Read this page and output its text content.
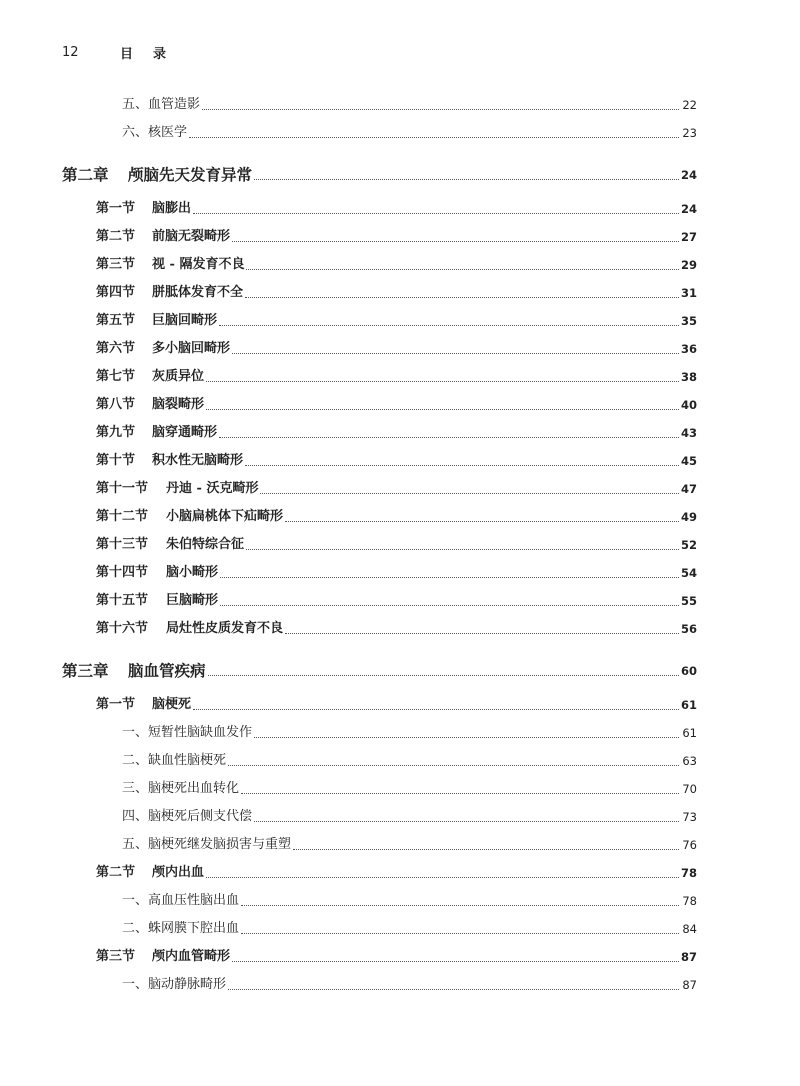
12	目录
五、 血管造影	22
六、 核医学	23
第二章	颅脑先天发育异常	24
第一节	脑膨出	24
第二节	前脑无裂畸形	27
第三节	视 - 隔发育不良	29
第四节	胼胝体发育不全	31
第五节	巨脑回畸形	35
第六节	多小脑回畸形	36
第七节	灰质异位	38
第八节	脑裂畸形	40
第九节	脑穿通畸形	43
第十节	积水性无脑畸形	45
第十一节	丹迪 - 沃克畸形	47
第十二节	小脑扁桃体下疝畸形	49
第十三节	朱伯特综合征	52
第十四节	脑小畸形	54
第十五节	巨脑畸形	55
第十六节	局灶性皮质发育不良	56
第三章	脑血管疾病	60
第一节	脑梗死	61
一、 短暂性脑缺血发作	61
二、 缺血性脑梗死	63
三、 脑梗死出血转化	70
四、 脑梗死后侧支代偿	73
五、 脑梗死继发脑损害与重塑	76
第二节	颅内出血	78
一、 高血压性脑出血	78
二、 蛛网膜下腔出血	84
第三节	颅内血管畸形	87
一、 脑动静脉畸形	87
